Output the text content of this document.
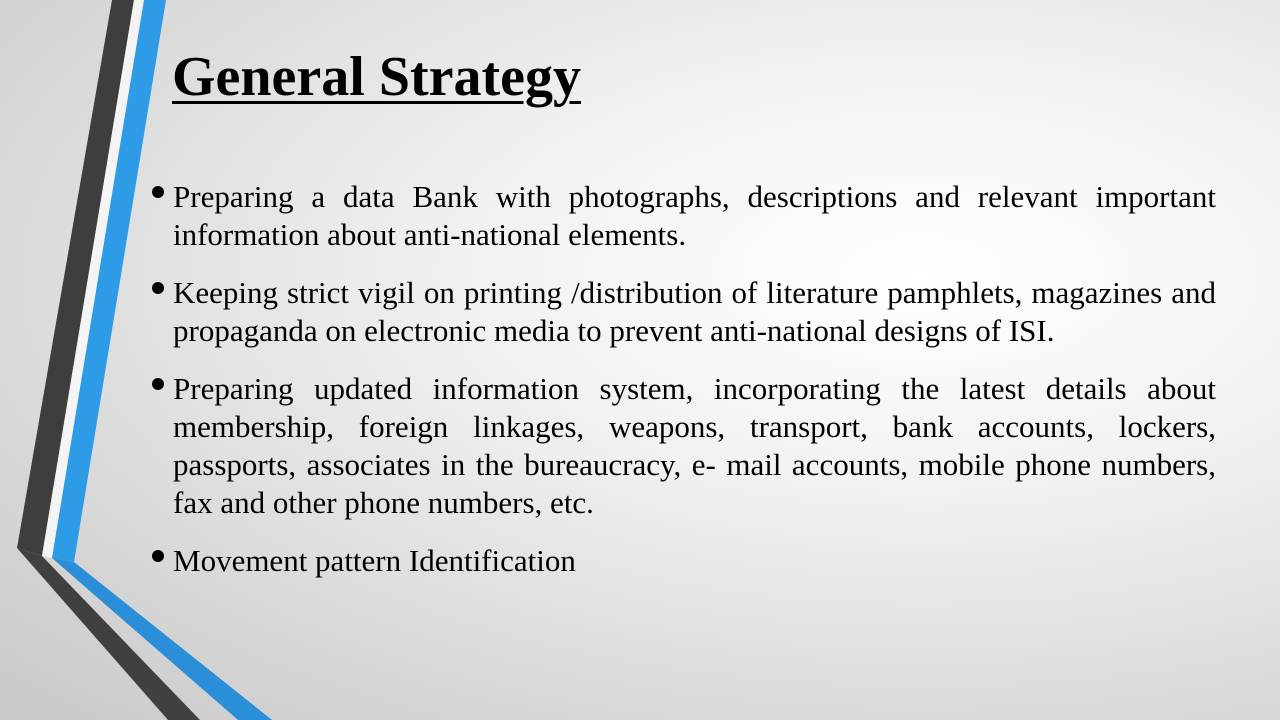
General Strategy
Preparing a data Bank with photographs, descriptions and relevant important information about anti-national elements.
Keeping strict vigil on printing /distribution of literature pamphlets, magazines and propaganda on electronic media to prevent anti-national designs of ISI.
Preparing updated information system, incorporating the latest details about membership, foreign linkages, weapons, transport, bank accounts, lockers, passports, associates in the bureaucracy, e- mail accounts, mobile phone numbers, fax and other phone numbers, etc.
Movement pattern Identification
